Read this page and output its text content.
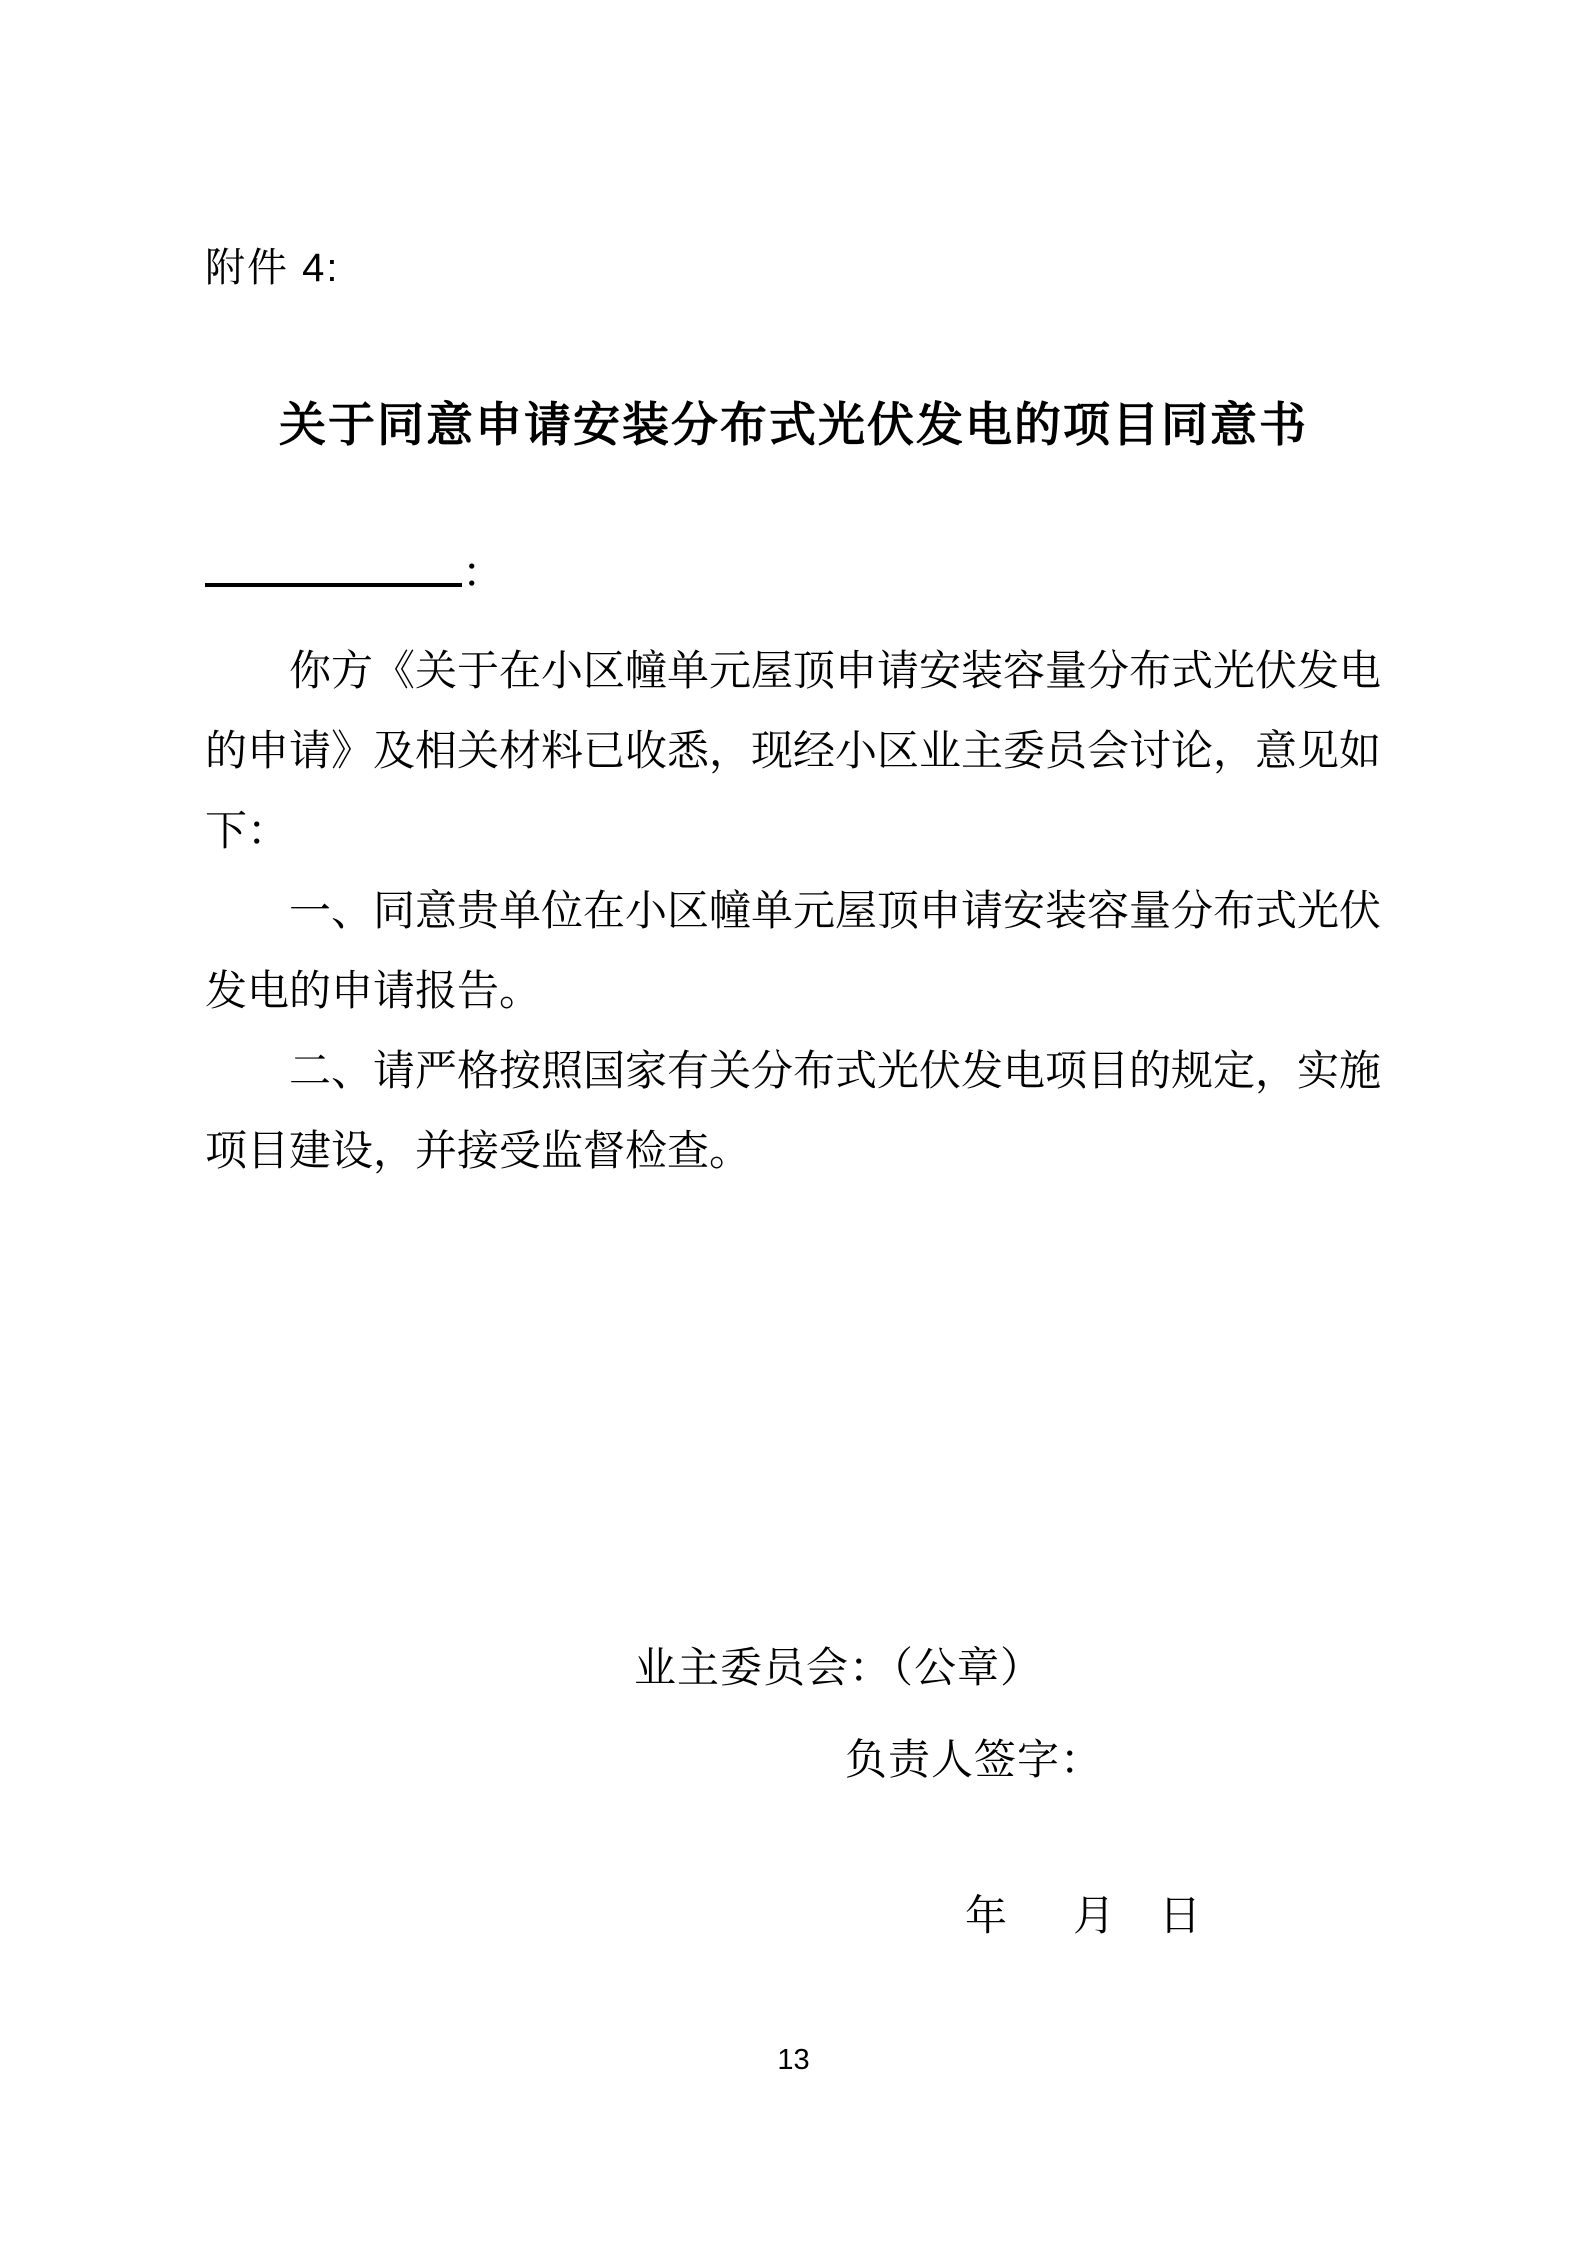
附件 4:
关于同意申请安装分布式光伏发电的项目同意书
：

你方《关于在小区幢单元屋顶申请安装容量分布式光伏发电的申请》及相关材料已收悉，现经小区业主委员会讨论，意见如下：

一、同意贵单位在小区幢单元屋顶申请安装容量分布式光伏发电的申请报告。

二、请严格按照国家有关分布式光伏发电项目的规定，实施项目建设，并接受监督检查。

业主委员会：（公章）
负责人签字：
年 月 日
13
